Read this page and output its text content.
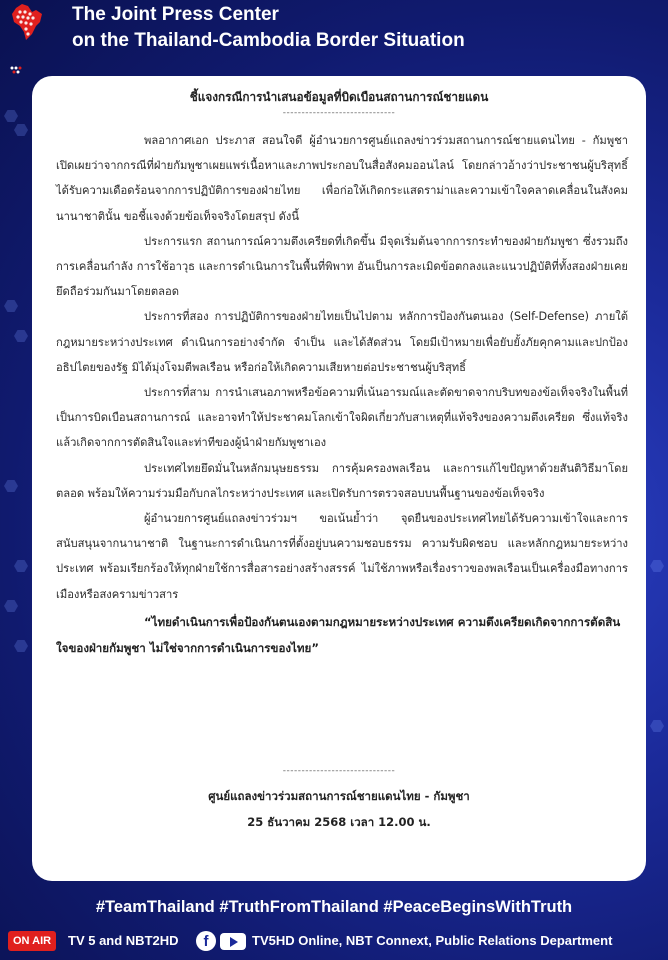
The Joint Press Center
on the Thailand-Cambodia Border Situation
ชี้แจงกรณีการนำเสนอข้อมูลที่บิดเบือนสถานการณ์ชายแดน
------------------------------

พลอากาศเอก ประภาส สอนใจดี ผู้อำนวยการศูนย์แถลงข่าวร่วมสถานการณ์ชายแดนไทย - กัมพูชา เปิดเผยว่าจากกรณีที่ฝ่ายกัมพูชาเผยแพร่เนื้อหาและภาพประกอบในสื่อสังคมออนไลน์ โดยกล่าวอ้างว่าประชาชนผู้บริสุทธิ์ได้รับความเดือดร้อนจากการปฏิบัติการของฝ่ายไทย เพื่อก่อให้เกิดกระแสดราม่าและความเข้าใจคลาดเคลื่อนในสังคมนานาชาตินั้น ขอชี้แจงด้วยข้อเท็จจริงโดยสรุป ดังนี้

ประการแรก สถานการณ์ความตึงเครียดที่เกิดขึ้น มีจุดเริ่มต้นจากการกระทำของฝ่ายกัมพูชา ซึ่งรวมถึงการเคลื่อนกำลัง การใช้อาวุธ และการดำเนินการในพื้นที่พิพาท อันเป็นการละเมิดข้อตกลงและแนวปฏิบัติที่ทั้งสองฝ่ายเคยยึดถือร่วมกันมาโดยตลอด

ประการที่สอง การปฏิบัติการของฝ่ายไทยเป็นไปตาม หลักการป้องกันตนเอง (Self-Defense) ภายใต้กฎหมายระหว่างประเทศ ดำเนินการอย่างจำกัด จำเป็น และได้สัดส่วน โดยมีเป้าหมายเพื่อยับยั้งภัยคุกคามและปกป้องอธิปไตยของรัฐ มิได้มุ่งโจมตีพลเรือน หรือก่อให้เกิดความเสียหายต่อประชาชนผู้บริสุทธิ์

ประการที่สาม การนำเสนอภาพหรือข้อความที่เน้นอารมณ์และตัดขาดจากบริบทของข้อเท็จจริงในพื้นที่ เป็นการบิดเบือนสถานการณ์ และอาจทำให้ประชาคมโลกเข้าใจผิดเกี่ยวกับสาเหตุที่แท้จริงของความตึงเครียด ซึ่งแท้จริงแล้วเกิดจากการตัดสินใจและท่าทีของผู้นำฝ่ายกัมพูชาเอง

ประเทศไทยยึดมั่นในหลักมนุษยธรรม การคุ้มครองพลเรือน และการแก้ไขปัญหาด้วยสันติวิธีมาโดยตลอด พร้อมให้ความร่วมมือกับกลไกระหว่างประเทศ และเปิดรับการตรวจสอบบนพื้นฐานของข้อเท็จจริง

ผู้อำนวยการศูนย์แถลงข่าวร่วมฯ ขอเน้นย้ำว่า จุดยืนของประเทศไทยได้รับความเข้าใจและการสนับสนุนจากนานาชาติ ในฐานะการดำเนินการที่ตั้งอยู่บนความชอบธรรม ความรับผิดชอบ และหลักกฎหมายระหว่างประเทศ พร้อมเรียกร้องให้ทุกฝ่ายใช้การสื่อสารอย่างสร้างสรรค์ ไม่ใช้ภาพหรือเรื่องราวของพลเรือนเป็นเครื่องมือทางการเมืองหรือสงครามข่าวสาร

“ไทยดำเนินการเพื่อป้องกันตนเองตามกฎหมายระหว่างประเทศ ความตึงเครียดเกิดจากการตัดสินใจของฝ่ายกัมพูชา ไม่ใช่จากการดำเนินการของไทย”

------------------------------
ศูนย์แถลงข่าวร่วมสถานการณ์ชายแดนไทย - กัมพูชา
25 ธันวาคม 2568 เวลา 12.00 น.
#TeamThailand #TruthFromThailand #PeaceBeginsWithTruth
ON AIR	TV 5 and NBT2HD	f	TV5HD Online, NBT Connext, Public Relations Department
